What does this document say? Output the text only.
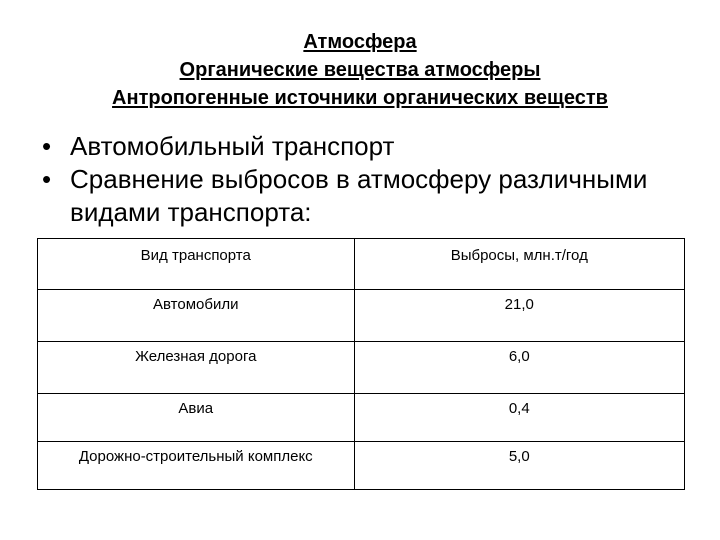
Атмосфера
Органические вещества атмосферы
Антропогенные источники органических веществ
• Автомобильный транспорт
• Сравнение выбросов в атмосферу различными видами транспорта:
Вид транспорта	Выбросы, млн.т/год
Автомобили	21,0
Железная дорога	6,0
Авиа	0,4
Дорожно-строительный комплекс	5,0
